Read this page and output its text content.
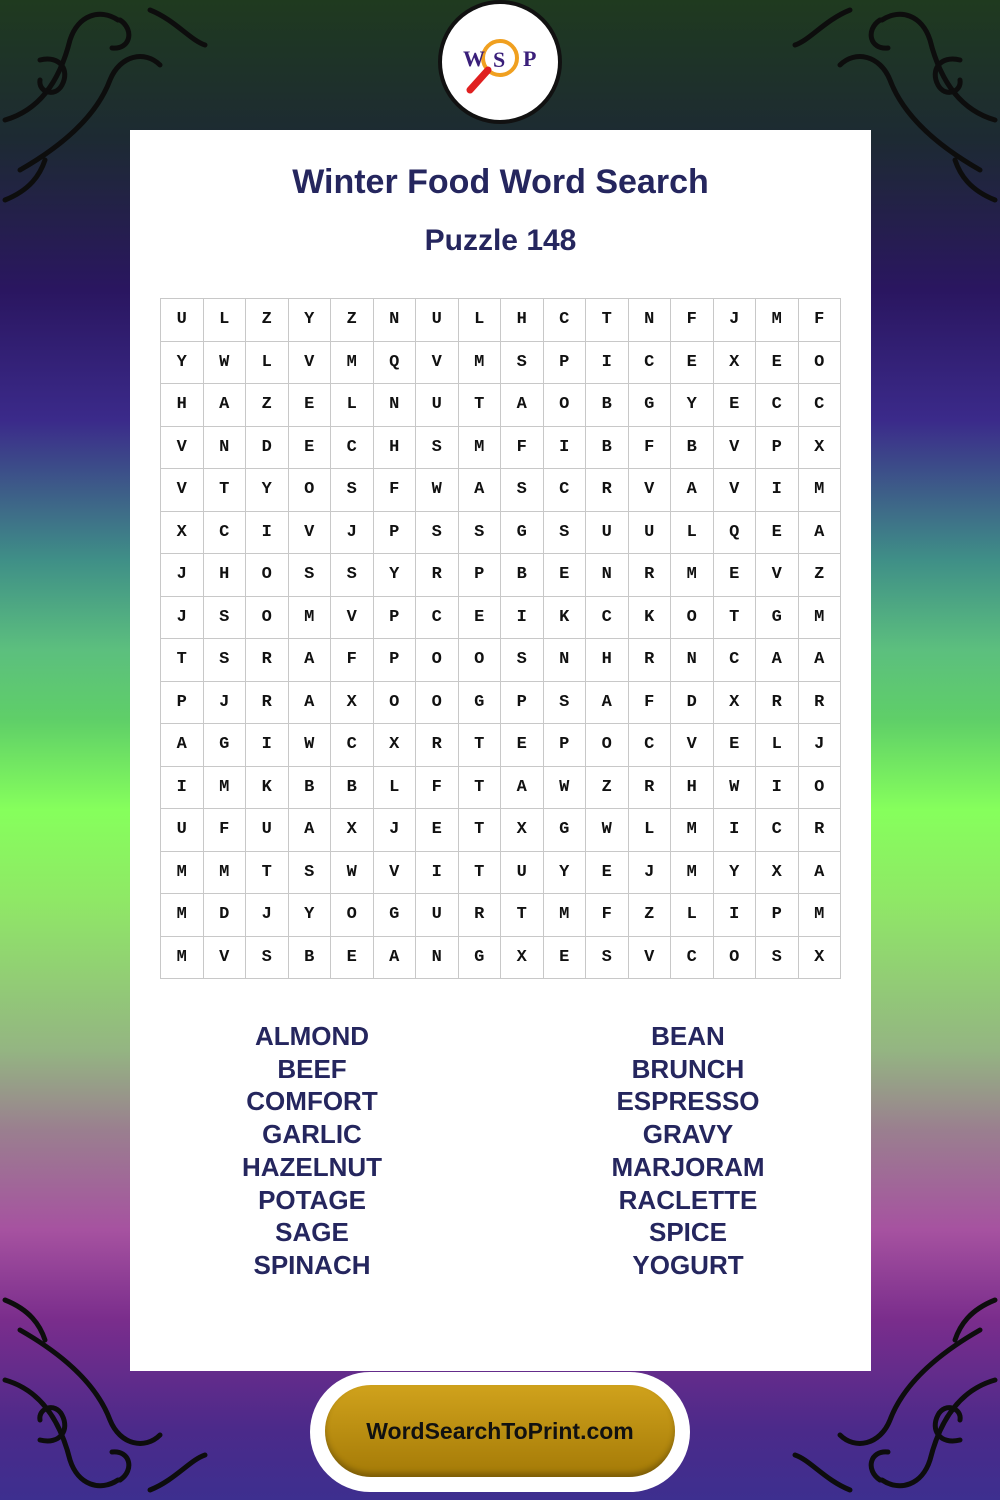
W S P
Winter Food Word Search
Puzzle 148
U	L	Z	Y	Z	N	U	L	H	C	T	N	F	J	M	F
Y	W	L	V	M	Q	V	M	S	P	I	C	E	X	E	O
H	A	Z	E	L	N	U	T	A	O	B	G	Y	E	C	C
V	N	D	E	C	H	S	M	F	I	B	F	B	V	P	X
V	T	Y	O	S	F	W	A	S	C	R	V	A	V	I	M
X	C	I	V	J	P	S	S	G	S	U	U	L	Q	E	A
J	H	O	S	S	Y	R	P	B	E	N	R	M	E	V	Z
J	S	O	M	V	P	C	E	I	K	C	K	O	T	G	M
T	S	R	A	F	P	O	O	S	N	H	R	N	C	A	A
P	J	R	A	X	O	O	G	P	S	A	F	D	X	R	R
A	G	I	W	C	X	R	T	E	P	O	C	V	E	L	J
I	M	K	B	B	L	F	T	A	W	Z	R	H	W	I	O
U	F	U	A	X	J	E	T	X	G	W	L	M	I	C	R
M	M	T	S	W	V	I	T	U	Y	E	J	M	Y	X	A
M	D	J	Y	O	G	U	R	T	M	F	Z	L	I	P	M
M	V	S	B	E	A	N	G	X	E	S	V	C	O	S	X
ALMOND
BEEF
COMFORT
GARLIC
HAZELNUT
POTAGE
SAGE
SPINACH
BEAN
BRUNCH
ESPRESSO
GRAVY
MARJORAM
RACLETTE
SPICE
YOGURT
WordSearchToPrint.com
